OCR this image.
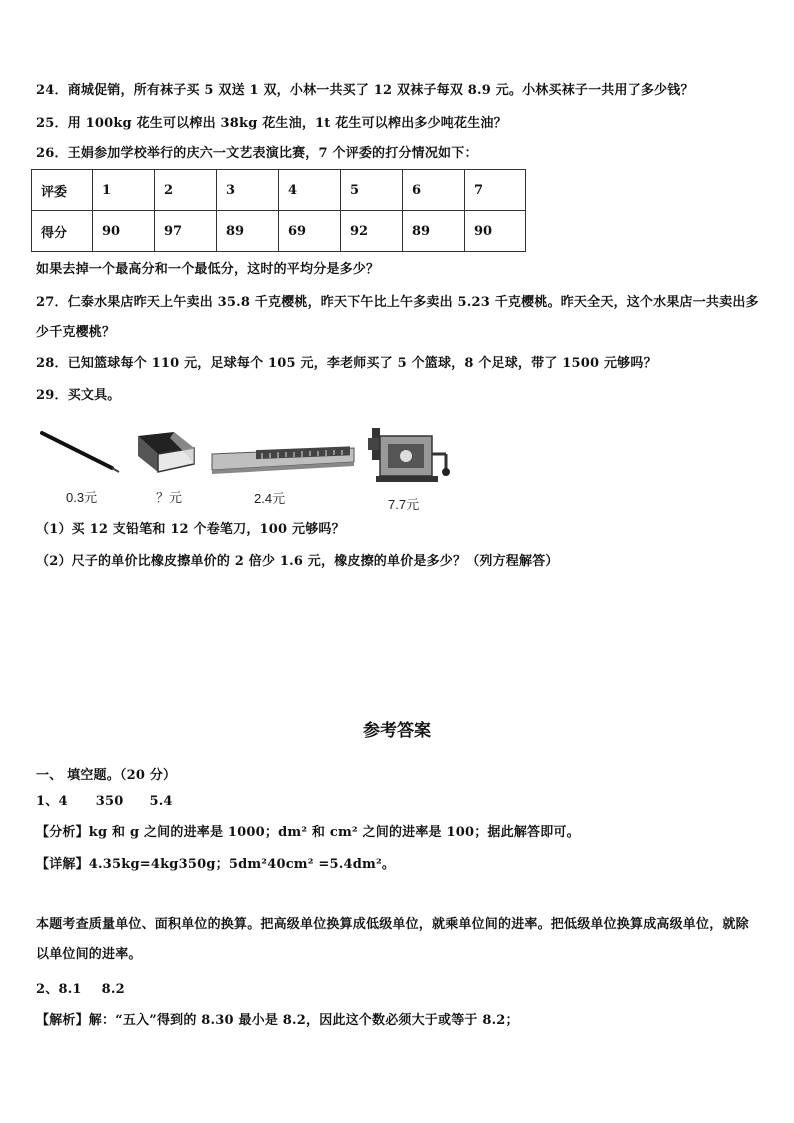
24．商城促销，所有袜子买 5 双送 1 双，小林一共买了 12 双袜子每双 8.9 元。小林买袜子一共用了多少钱？
25．用 100kg 花生可以榨出 38kg 花生油，1t 花生可以榨出多少吨花生油？
26．王娟参加学校举行的庆六一文艺表演比赛，7 个评委的打分情况如下：
评委	1	2	3	4	5	6	7
得分	90	97	89	69	92	89	90
如果去掉一个最高分和一个最低分，这时的平均分是多少？
27．仁泰水果店昨天上午卖出 35.8 千克樱桃，昨天下午比上午多卖出 5.23 千克樱桃。昨天全天，这个水果店一共卖出多少千克樱桃？
28．已知篮球每个 110 元，足球每个 105 元，李老师买了 5 个篮球，8 个足球，带了 1500 元够吗？
29．买文具。
0.3元	？元	2.4元	7.7元
（1）买 12 支铅笔和 12 个卷笔刀，100 元够吗？
（2）尺子的单价比橡皮擦单价的 2 倍少 1.6 元，橡皮擦的单价是多少？（列方程解答）
参考答案
一、 填空题。（20 分）
1、4 350 5.4
【分析】kg 和 g 之间的进率是 1000；dm² 和 cm² 之间的进率是 100；据此解答即可。
【详解】4.35kg=4kg350g；5dm²40cm² =5.4dm²。
本题考查质量单位、面积单位的换算。把高级单位换算成低级单位，就乘单位间的进率。把低级单位换算成高级单位，就除以单位间的进率。
2、8.1 8.2
【解析】解：“五入”得到的 8.30 最小是 8.2，因此这个数必须大于或等于 8.2；
